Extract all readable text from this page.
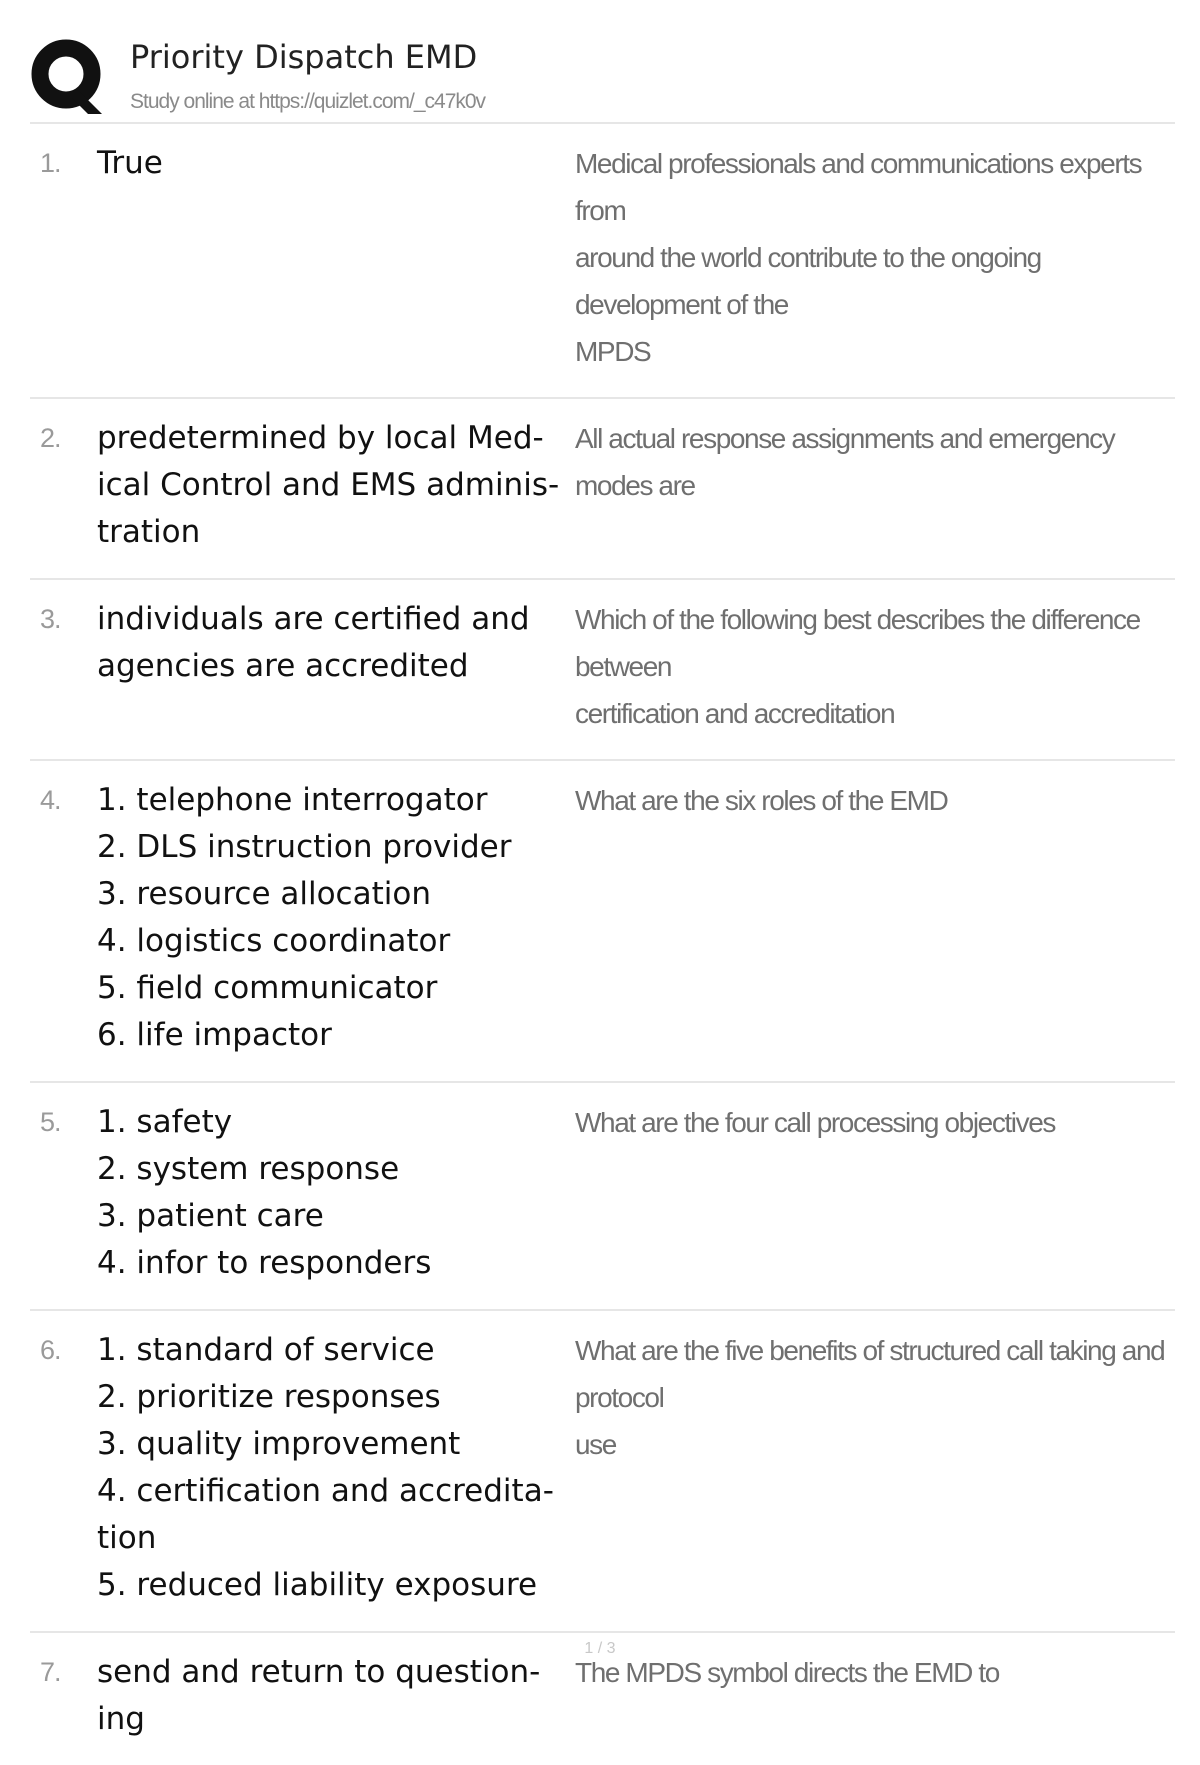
Priority Dispatch EMD
Study online at https://quizlet.com/_c47k0v
1.	True	Medical professionals and communications experts from
around the world contribute to the ongoing development of the
MPDS
2.	predetermined by local Med-
ical Control and EMS adminis-
tration
All actual response assignments and emergency modes are
3.	individuals are certified and
agencies are accredited
Which of the following best describes the difference between
certification and accreditation
4.	1. telephone interrogator
2. DLS instruction provider
3. resource allocation
4. logistics coordinator
5. field communicator
6. life impactor
What are the six roles of the EMD
5.	1. safety
2. system response
3. patient care
4. infor to responders
What are the four call processing objectives
6.	1. standard of service
2. prioritize responses
3. quality improvement
4. certification and accredita-
tion
5. reduced liability exposure
What are the five benefits of structured call taking and protocol
use
7.	send and return to question-
ing
The MPDS symbol directs the EMD to
1 / 3
